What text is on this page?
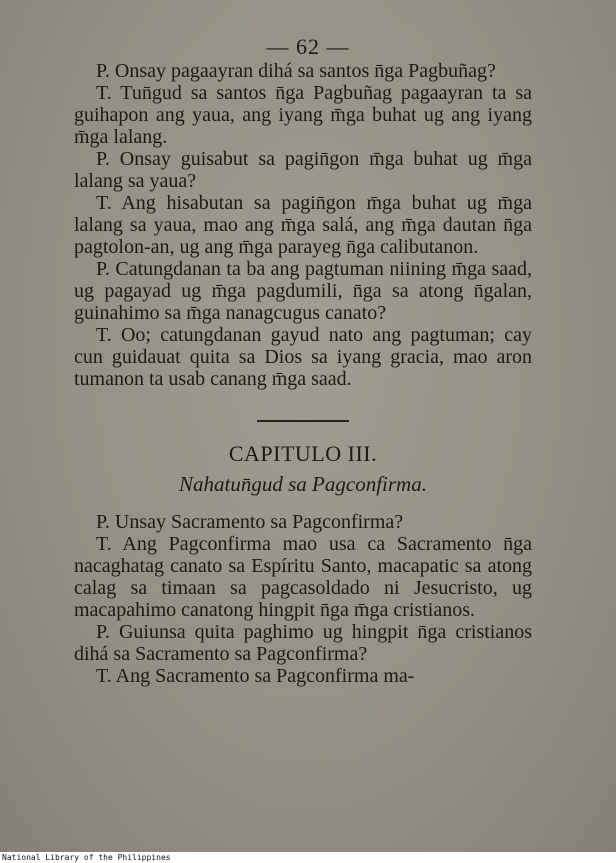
— 62 —

P. Onsay pagaayran dihá sa santos n̄ga Pagbuñag?

T. Tun̄gud sa santos n̄ga Pagbuñag pagaayran ta sa guihapon ang yaua, ang iyang m̄ga buhat ug ang iyang m̄ga lalang.

P. Onsay guisabut sa pagin̄gon m̄ga buhat ug m̄ga lalang sa yaua?

T. Ang hisabutan sa pagin̄gon m̄ga buhat ug m̄ga lalang sa yaua, mao ang m̄ga salá, ang m̄ga dautan n̄ga pagtolon-an, ug ang m̄ga parayeg n̄ga calibutanon.

P. Catungdanan ta ba ang pagtuman niining m̄ga saad, ug pagayad ug m̄ga pagdumili, n̄ga sa atong n̄galan, guinahimo sa m̄ga nanagcugus canato?

T. Oo; catungdanan gayud nato ang pagtuman; cay cun guidauat quita sa Dios sa iyang gracia, mao aron tumanon ta usab canang m̄ga saad.

CAPITULO III.
Nahatun̄gud sa Pagconfirma.

P. Unsay Sacramento sa Pagconfirma?

T. Ang Pagconfirma mao usa ca Sacramento n̄ga nacaghatag canato sa Espíritu Santo, macapatic sa atong calag sa timaan sa pagcasoldado ni Jesucristo, ug macapahimo canatong hingpit n̄ga m̄ga cristianos.

P. Guiunsa quita paghimo ug hingpit n̄ga cristianos dihá sa Sacramento sa Pagconfirma?

T. Ang Sacramento sa Pagconfirma ma-

National Library of the Philippines
